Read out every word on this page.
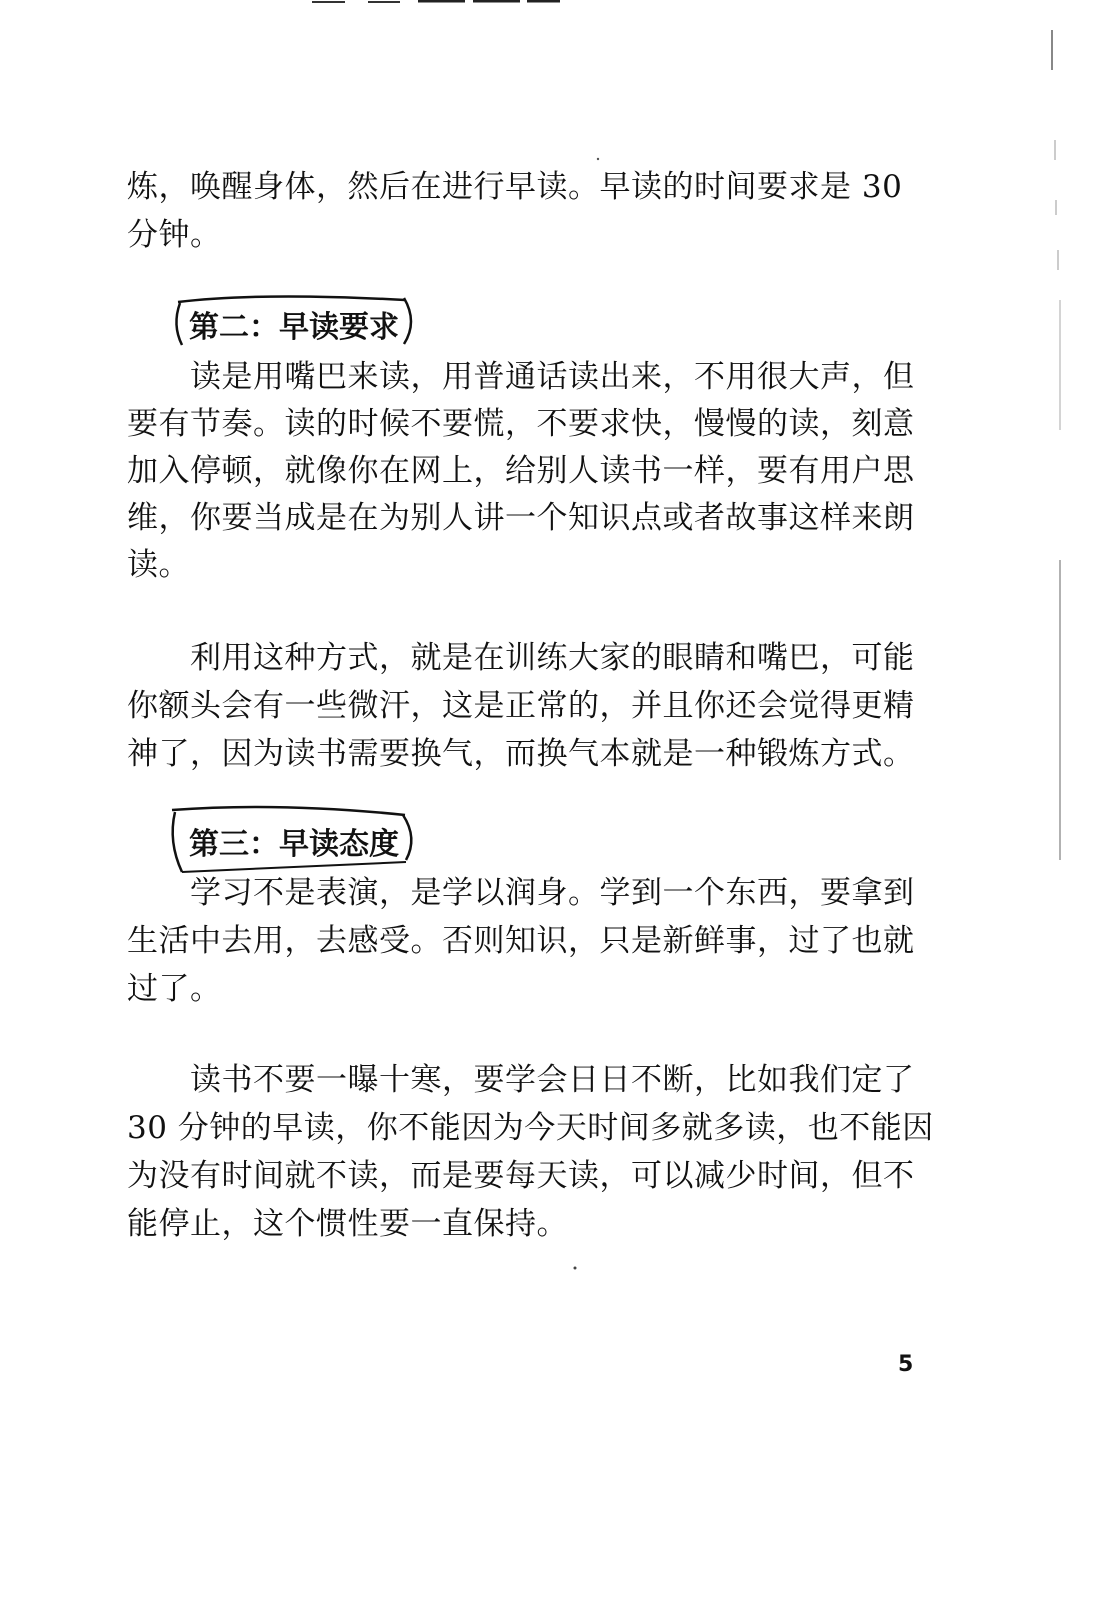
炼，唤醒身体，然后在进行早读。早读的时间要求是 30
分钟。
第二：早读要求
读是用嘴巴来读，用普通话读出来，不用很大声，但
要有节奏。读的时候不要慌，不要求快，慢慢的读，刻意
加入停顿，就像你在网上，给别人读书一样，要有用户思
维，你要当成是在为别人讲一个知识点或者故事这样来朗
读。
利用这种方式，就是在训练大家的眼睛和嘴巴，可能
你额头会有一些微汗，这是正常的，并且你还会觉得更精
神了，因为读书需要换气，而换气本就是一种锻炼方式。
第三：早读态度
学习不是表演，是学以润身。学到一个东西，要拿到
生活中去用，去感受。否则知识，只是新鲜事，过了也就
过了。
读书不要一曝十寒，要学会日日不断，比如我们定了
30 分钟的早读，你不能因为今天时间多就多读，也不能因
为没有时间就不读，而是要每天读，可以减少时间，但不
能停止，这个惯性要一直保持。
5
